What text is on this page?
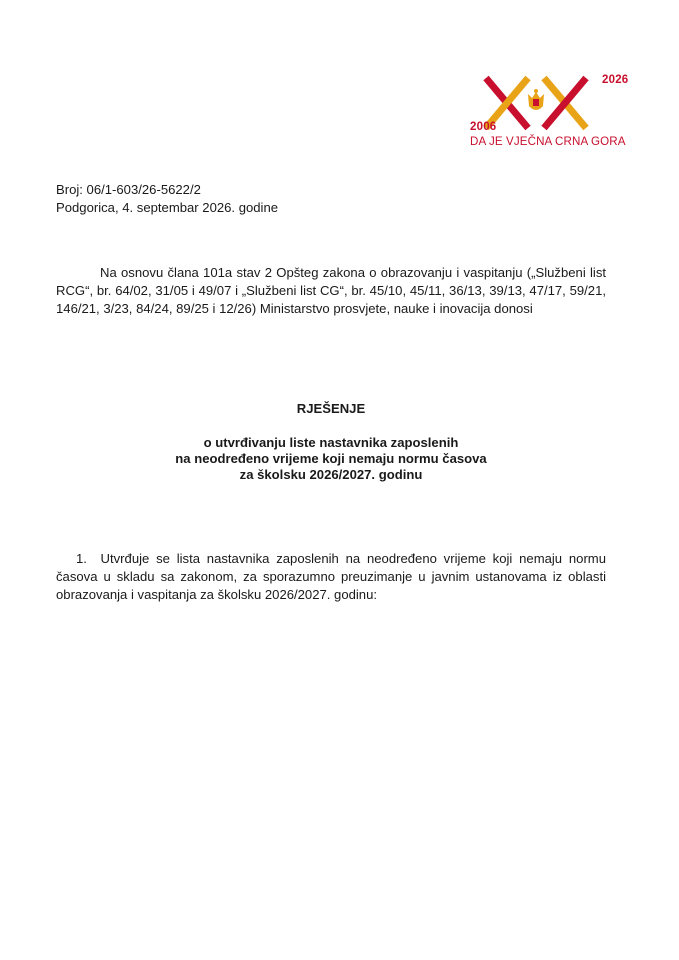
2026
2006
DA JE VJEČNA CRNA GORA
Broj: 06/1-603/26-5622/2
Podgorica, 4. septembar 2026. godine

Na osnovu člana 101a stav 2 Opšteg zakona o obrazovanju i vaspitanju („Službeni list RCG“, br. 64/02, 31/05 i 49/07 i „Službeni list CG“, br. 45/10, 45/11, 36/13, 39/13, 47/17, 59/21, 146/21, 3/23, 84/24, 89/25 i 12/26) Ministarstvo prosvjete, nauke i inovacija donosi

RJEŠENJE
o utvrđivanju liste nastavnika zaposlenih
na neodređeno vrijeme koji nemaju normu časova
za školsku 2026/2027. godinu

1. Utvrđuje se lista nastavnika zaposlenih na neodređeno vrijeme koji nemaju normu časova u skladu sa zakonom, za sporazumno preuzimanje u javnim ustanovama iz oblasti obrazovanja i vaspitanja za školsku 2026/2027. godinu:
